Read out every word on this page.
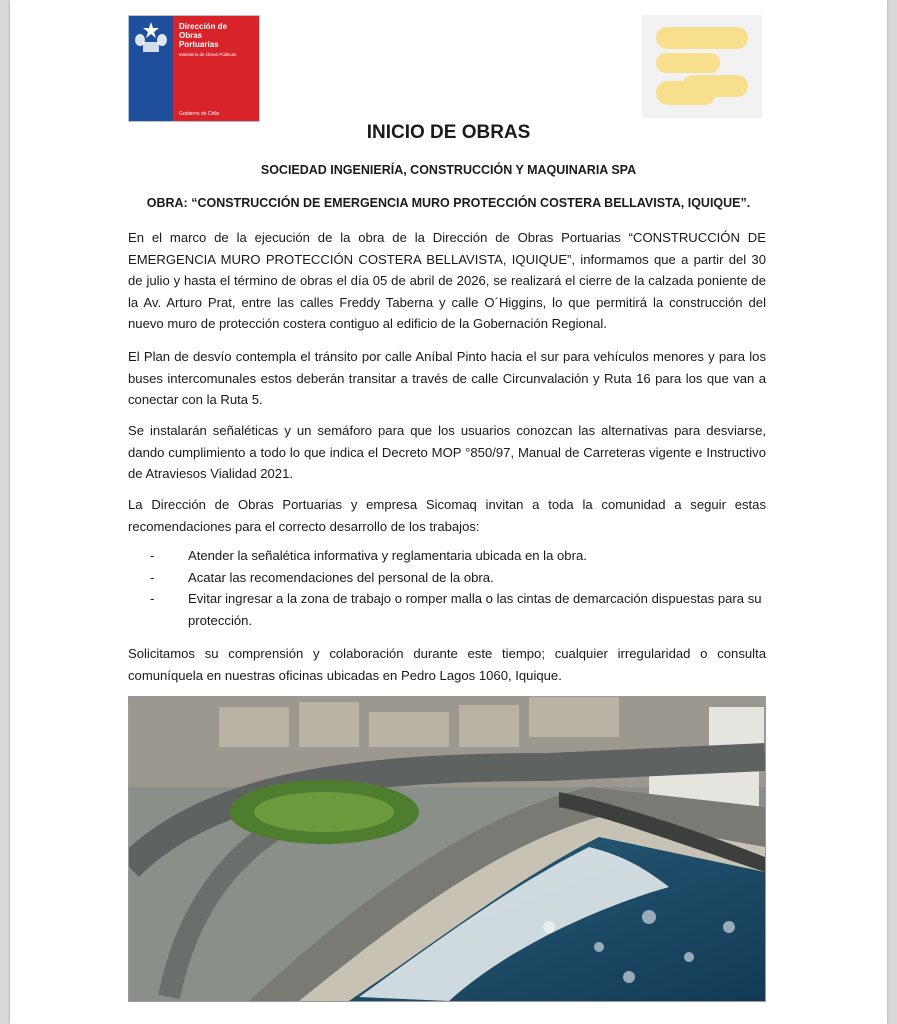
Dirección de
Obras
Portuarias
Ministerio de Obras Públicas
Gobierno de Chile
INICIO DE OBRAS
SOCIEDAD INGENIERÍA, CONSTRUCCIÓN Y MAQUINARIA SPA
OBRA: “CONSTRUCCIÓN DE EMERGENCIA MURO PROTECCIÓN COSTERA BELLAVISTA, IQUIQUE”.
En el marco de la ejecución de la obra de la Dirección de Obras Portuarias “CONSTRUCCIÓN DE EMERGENCIA MURO PROTECCIÓN COSTERA BELLAVISTA, IQUIQUE”, informamos que a partir del 30 de julio y hasta el término de obras el día 05 de abril de 2026, se realizará el cierre de la calzada poniente de la Av. Arturo Prat, entre las calles Freddy Taberna y calle O´Higgins, lo que permitirá la construcción del nuevo muro de protección costera contiguo al edificio de la Gobernación Regional.
El Plan de desvío contempla el tránsito por calle Aníbal Pinto hacia el sur para vehículos menores y para los buses intercomunales estos deberán transitar a través de calle Circunvalación y Ruta 16 para los que van a conectar con la Ruta 5.
Se instalarán señaléticas y un semáforo para que los usuarios conozcan las alternativas para desviarse, dando cumplimiento a todo lo que indica el Decreto MOP °850/97, Manual de Carreteras vigente e Instructivo de Atraviesos Vialidad 2021.
La Dirección de Obras Portuarias y empresa Sicomaq invitan a toda la comunidad a seguir estas recomendaciones para el correcto desarrollo de los trabajos:
-	Atender la señalética informativa y reglamentaria ubicada en la obra.
-	Acatar las recomendaciones del personal de la obra.
-	Evitar ingresar a la zona de trabajo o romper malla o las cintas de demarcación dispuestas para su protección.
Solicitamos su comprensión y colaboración durante este tiempo; cualquier irregularidad o consulta comuníquela en nuestras oficinas ubicadas en Pedro Lagos 1060, Iquique.
